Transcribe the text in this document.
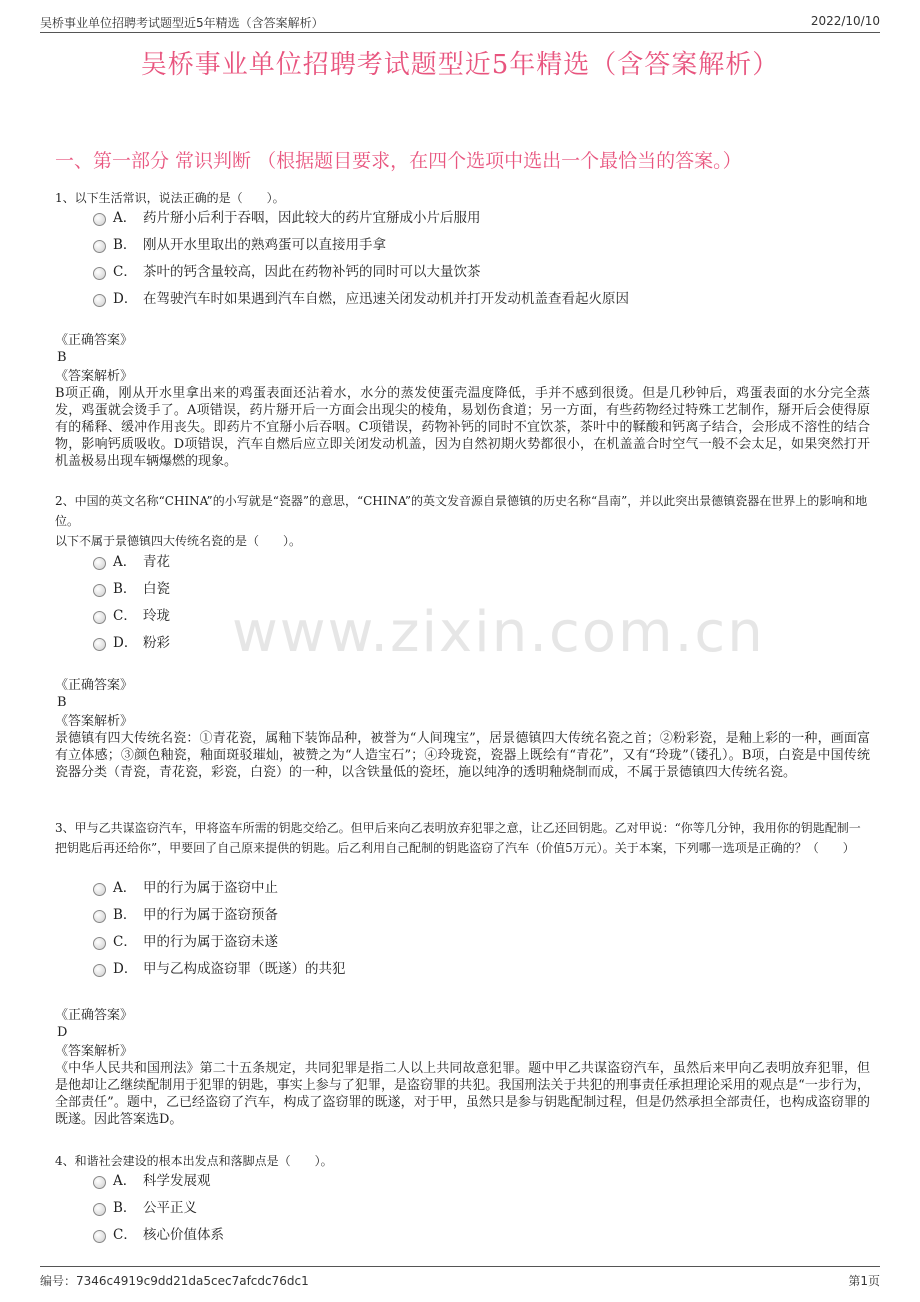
吴桥事业单位招聘考试题型近5年精选（含答案解析）	2022/10/10
吴桥事业单位招聘考试题型近5年精选（含答案解析）
一、第一部分 常识判断 （根据题目要求，在四个选项中选出一个最恰当的答案。）
www.zixin.com.cn
1、以下生活常识，说法正确的是（　　）。
A． 药片掰小后利于吞咽，因此较大的药片宜掰成小片后服用
B． 刚从开水里取出的熟鸡蛋可以直接用手拿
C． 茶叶的钙含量较高，因此在药物补钙的同时可以大量饮茶
D． 在驾驶汽车时如果遇到汽车自燃，应迅速关闭发动机并打开发动机盖查看起火原因
《正确答案》
B
《答案解析》
B项正确，刚从开水里拿出来的鸡蛋表面还沾着水，水分的蒸发使蛋壳温度降低，手并不感到很烫。但是几秒钟后，鸡蛋表面的水分完全蒸发，鸡蛋就会烫手了。A项错误，药片掰开后一方面会出现尖的棱角，易划伤食道；另一方面，有些药物经过特殊工艺制作，掰开后会使得原有的稀释、缓冲作用丧失。即药片不宜掰小后吞咽。C项错误，药物补钙的同时不宜饮茶，茶叶中的鞣酸和钙离子结合，会形成不溶性的结合物，影响钙质吸收。D项错误，汽车自燃后应立即关闭发动机盖，因为自然初期火势都很小，在机盖盖合时空气一般不会太足，如果突然打开机盖极易出现车辆爆燃的现象。
2、中国的英文名称“CHINA”的小写就是“瓷器”的意思，“CHINA”的英文发音源自景德镇的历史名称“昌南”，并以此突出景德镇瓷器在世界上的影响和地位。
以下不属于景德镇四大传统名瓷的是（　　）。
A． 青花
B． 白瓷
C． 玲珑
D． 粉彩
《正确答案》
B
《答案解析》
景德镇有四大传统名瓷：①青花瓷，属釉下装饰品种，被誉为“人间瑰宝”，居景德镇四大传统名瓷之首；②粉彩瓷，是釉上彩的一种，画面富有立体感；③颜色釉瓷，釉面斑驳璀灿，被赞之为“人造宝石”；④玲珑瓷，瓷器上既绘有“青花”，又有“玲珑”（镂孔）。B项，白瓷是中国传统瓷器分类（青瓷，青花瓷，彩瓷，白瓷）的一种，以含铁量低的瓷坯，施以纯净的透明釉烧制而成，不属于景德镇四大传统名瓷。
3、甲与乙共谋盗窃汽车，甲将盗车所需的钥匙交给乙。但甲后来向乙表明放弃犯罪之意，让乙还回钥匙。乙对甲说：“你等几分钟，我用你的钥匙配制一把钥匙后再还给你”，甲要回了自己原来提供的钥匙。后乙利用自己配制的钥匙盗窃了汽车（价值5万元）。关于本案，下列哪一选项是正确的？（　　）
A． 甲的行为属于盗窃中止
B． 甲的行为属于盗窃预备
C． 甲的行为属于盗窃未遂
D． 甲与乙构成盗窃罪（既遂）的共犯
《正确答案》
D
《答案解析》
《中华人民共和国刑法》第二十五条规定，共同犯罪是指二人以上共同故意犯罪。题中甲乙共谋盗窃汽车，虽然后来甲向乙表明放弃犯罪，但是他却让乙继续配制用于犯罪的钥匙，事实上参与了犯罪，是盗窃罪的共犯。我国刑法关于共犯的刑事责任承担理论采用的观点是“一步行为，全部责任”。题中，乙已经盗窃了汽车，构成了盗窃罪的既遂，对于甲，虽然只是参与钥匙配制过程，但是仍然承担全部责任，也构成盗窃罪的既遂。因此答案选D。
4、和谐社会建设的根本出发点和落脚点是（　　）。
A． 科学发展观
B． 公平正义
C． 核心价值体系
编号：7346c4919c9dd21da5cec7afcdc76dc1	第1页
